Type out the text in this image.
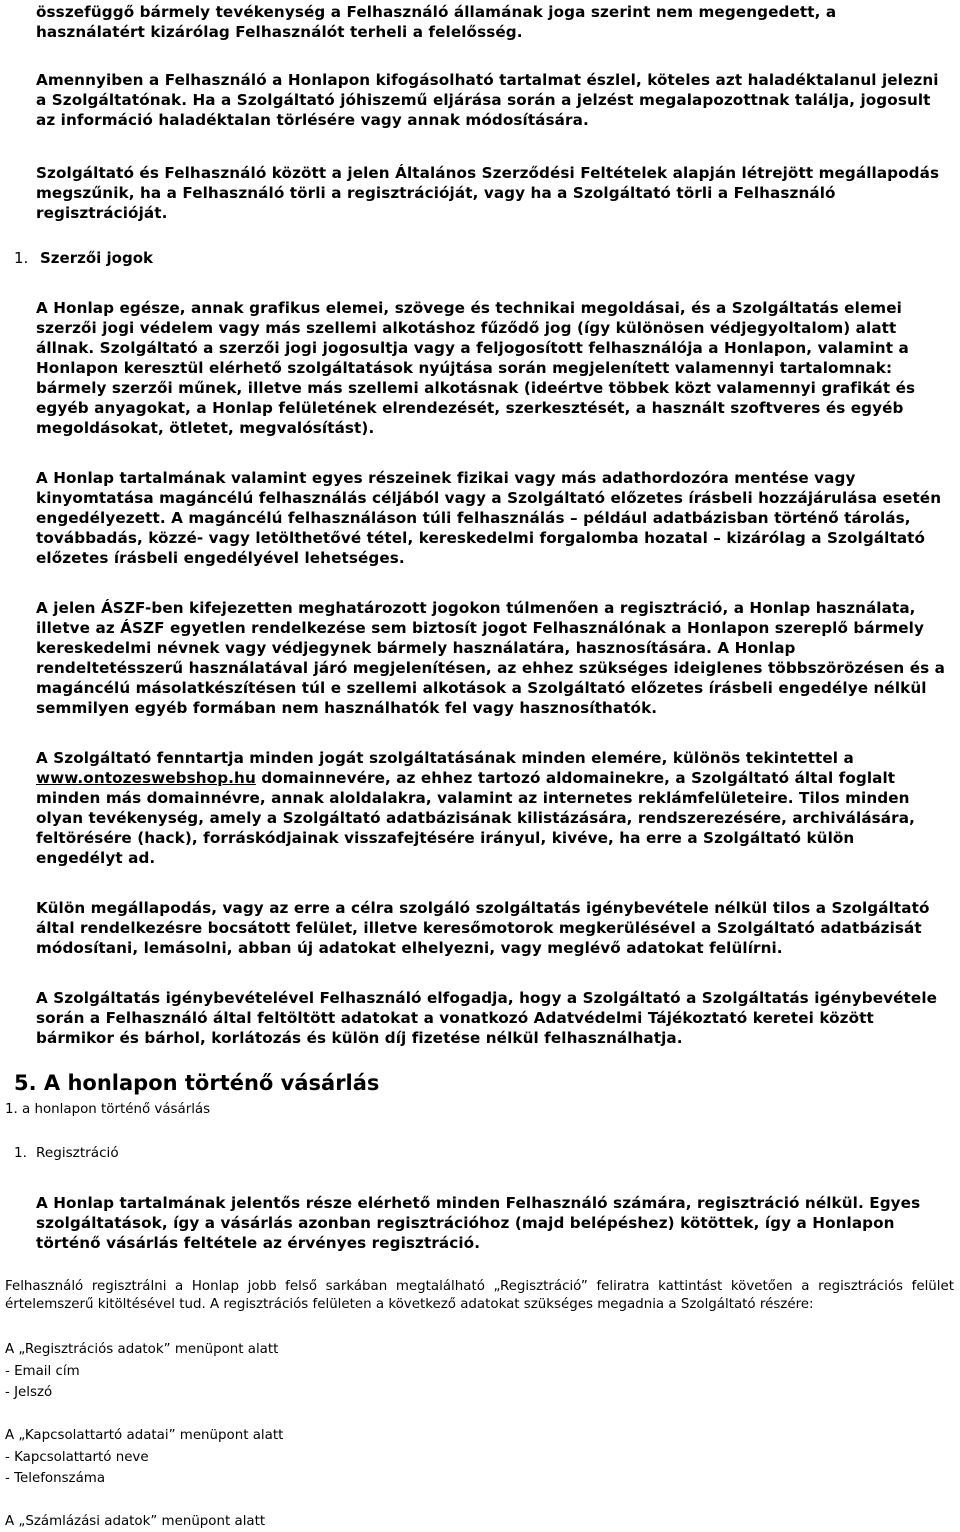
összefüggő bármely tevékenység a Felhasználó államának joga szerint nem megengedett, a használatért kizárólag Felhasználót terheli a felelősség.

Amennyiben a Felhasználó a Honlapon kifogásolható tartalmat észlel, köteles azt haladéktalanul jelezni a Szolgáltatónak. Ha a Szolgáltató jóhiszemű eljárása során a jelzést megalapozottnak találja, jogosult az információ haladéktalan törlésére vagy annak módosítására.

Szolgáltató és Felhasználó között a jelen Általános Szerződési Feltételek alapján létrejött megállapodás megszűnik, ha a Felhasználó törli a regisztrációját, vagy ha a Szolgáltató törli a Felhasználó regisztrációját.

1. Szerzői jogok

A Honlap egésze, annak grafikus elemei, szövege és technikai megoldásai, és a Szolgáltatás elemei szerzői jogi védelem vagy más szellemi alkotáshoz fűződő jog (így különösen védjegyoltalom) alatt állnak. Szolgáltató a szerzői jogi jogosultja vagy a feljogosított felhasználója a Honlapon, valamint a Honlapon keresztül elérhető szolgáltatások nyújtása során megjelenített valamennyi tartalomnak: bármely szerzői műnek, illetve más szellemi alkotásnak (ideértve többek közt valamennyi grafikát és egyéb anyagokat, a Honlap felületének elrendezését, szerkesztését, a használt szoftveres és egyéb megoldásokat, ötletet, megvalósítást).

A Honlap tartalmának valamint egyes részeinek fizikai vagy más adathordozóra mentése vagy kinyomtatása magáncélú felhasználás céljából vagy a Szolgáltató előzetes írásbeli hozzájárulása esetén engedélyezett. A magáncélú felhasználáson túli felhasználás – például adatbázisban történő tárolás, továbbadás, közzé- vagy letölthetővé tétel, kereskedelmi forgalomba hozatal – kizárólag a Szolgáltató előzetes írásbeli engedélyével lehetséges.

A jelen ÁSZF-ben kifejezetten meghatározott jogokon túlmenően a regisztráció, a Honlap használata, illetve az ÁSZF egyetlen rendelkezése sem biztosít jogot Felhasználónak a Honlapon szereplő bármely kereskedelmi névnek vagy védjegynek bármely használatára, hasznosítására. A Honlap rendeltetésszerű használatával járó megjelenítésen, az ehhez szükséges ideiglenes többszörözésen és a magáncélú másolatkészítésen túl e szellemi alkotások a Szolgáltató előzetes írásbeli engedélye nélkül semmilyen egyéb formában nem használhatók fel vagy hasznosíthatók.

A Szolgáltató fenntartja minden jogát szolgáltatásának minden elemére, különös tekintettel a www.ontozeswebshop.hu domainnevére, az ehhez tartozó aldomainekre, a Szolgáltató által foglalt minden más domainnévre, annak aloldalakra, valamint az internetes reklámfelületeire. Tilos minden olyan tevékenység, amely a Szolgáltató adatbázisának kilistázására, rendszerezésére, archiválására, feltörésére (hack), forráskódjainak visszafejtésére irányul, kivéve, ha erre a Szolgáltató külön engedélyt ad.

Külön megállapodás, vagy az erre a célra szolgáló szolgáltatás igénybevétele nélkül tilos a Szolgáltató által rendelkezésre bocsátott felület, illetve keresőmotorok megkerülésével a Szolgáltató adatbázisát módosítani, lemásolni, abban új adatokat elhelyezni, vagy meglévő adatokat felülírni.

A Szolgáltatás igénybevételével Felhasználó elfogadja, hogy a Szolgáltató a Szolgáltatás igénybevétele során a Felhasználó által feltöltött adatokat a vonatkozó Adatvédelmi Tájékoztató keretei között bármikor és bárhol, korlátozás és külön díj fizetése nélkül felhasználhatja.

5. A honlapon történő vásárlás

1. a honlapon történő vásárlás

1. Regisztráció

A Honlap tartalmának jelentős része elérhető minden Felhasználó számára, regisztráció nélkül. Egyes szolgáltatások, így a vásárlás azonban regisztrációhoz (majd belépéshez) kötöttek, így a Honlapon történő vásárlás feltétele az érvényes regisztráció.

Felhasználó regisztrálni a Honlap jobb felső sarkában megtalálható „Regisztráció” feliratra kattintást követően a regisztrációs felület értelemszerű kitöltésével tud. A regisztrációs felületen a következő adatokat szükséges megadnia a Szolgáltató részére:

A „Regisztrációs adatok” menüpont alatt
- Email cím
- Jelszó
A „Kapcsolattartó adatai” menüpont alatt
- Kapcsolattartó neve
- Telefonszáma
A „Számlázási adatok” menüpont alatt
